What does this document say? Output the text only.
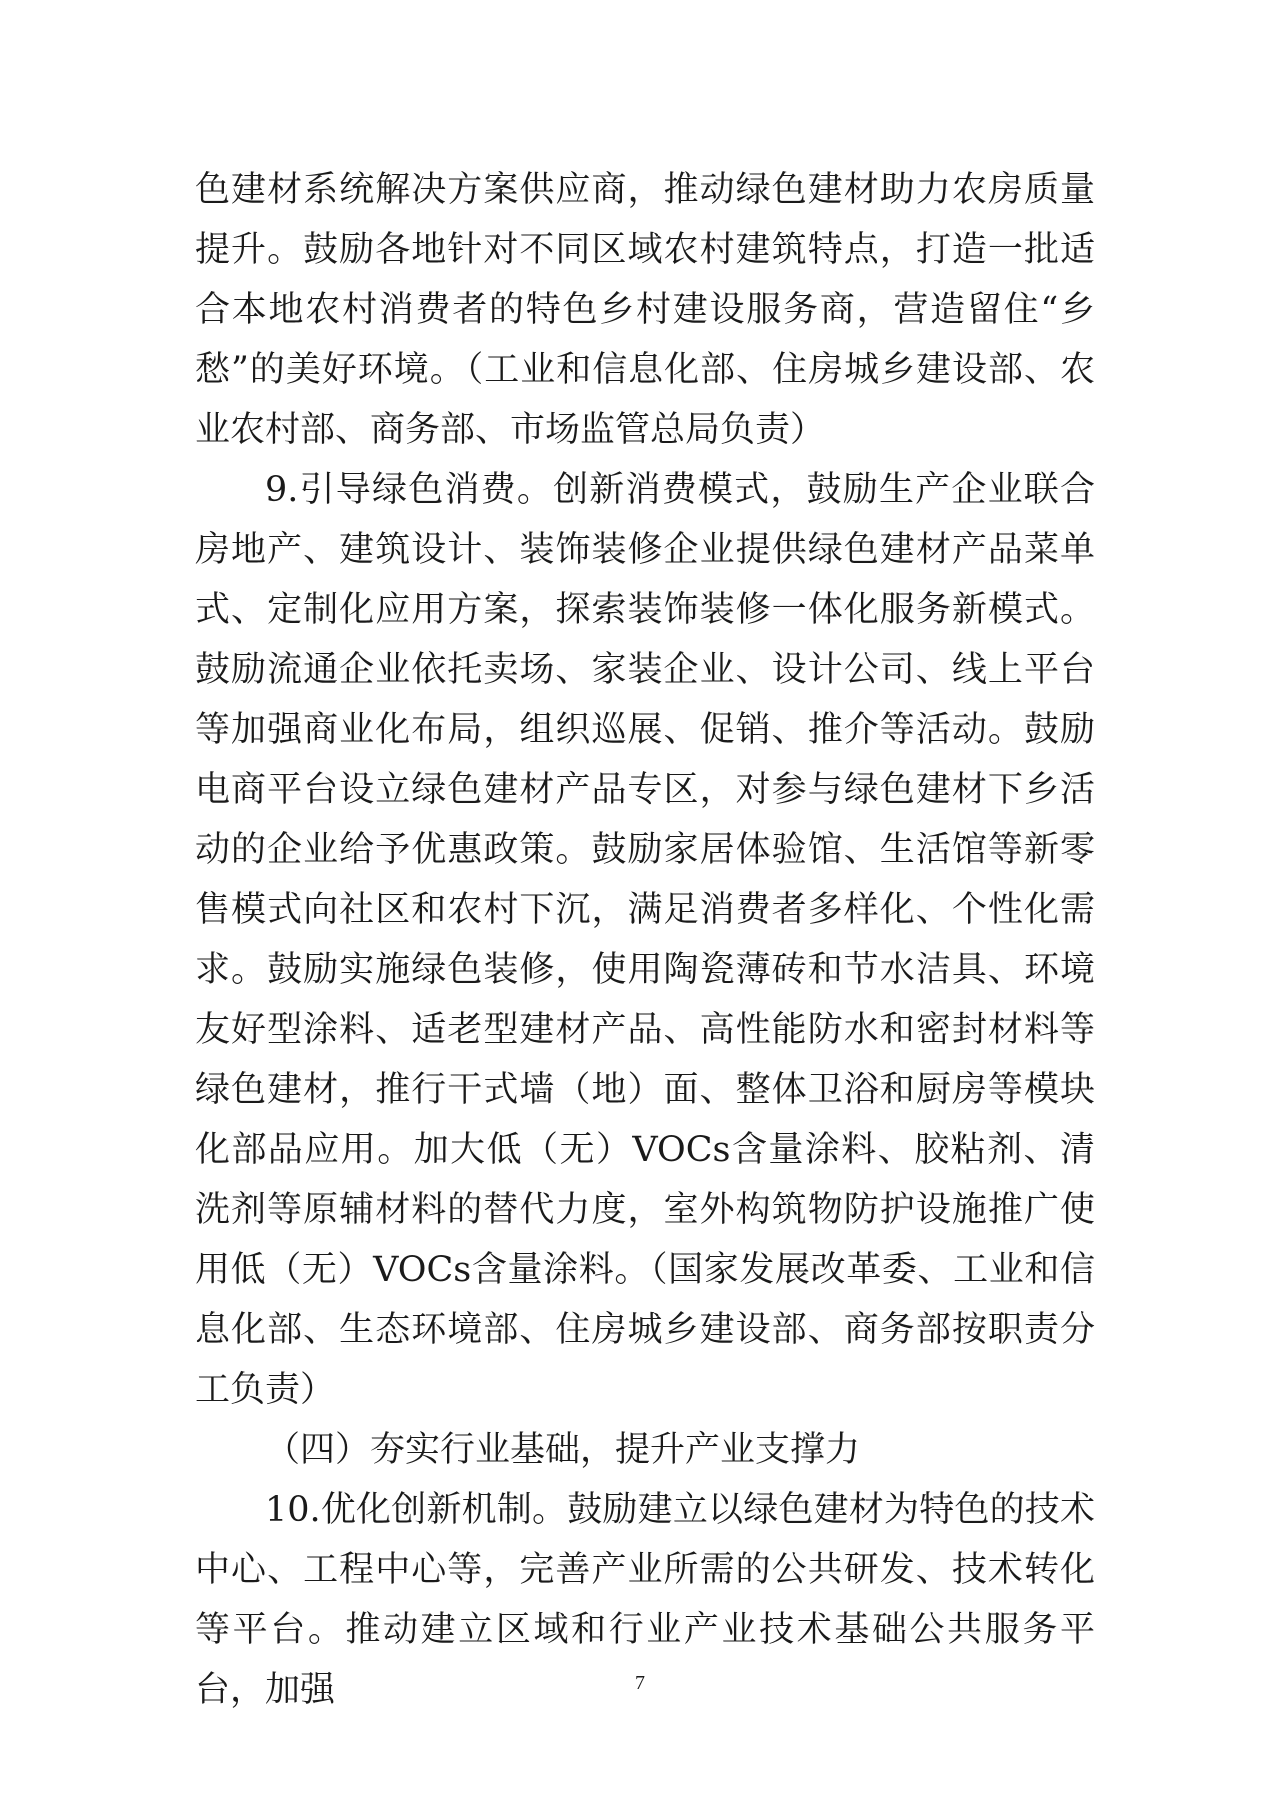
色建材系统解决方案供应商，推动绿色建材助力农房质量提升。鼓励各地针对不同区域农村建筑特点，打造一批适合本地农村消费者的特色乡村建设服务商，营造留住“乡愁”的美好环境。（工业和信息化部、住房城乡建设部、农业农村部、商务部、市场监管总局负责）

9.引导绿色消费。创新消费模式，鼓励生产企业联合房地产、建筑设计、装饰装修企业提供绿色建材产品菜单式、定制化应用方案，探索装饰装修一体化服务新模式。鼓励流通企业依托卖场、家装企业、设计公司、线上平台等加强商业化布局，组织巡展、促销、推介等活动。鼓励电商平台设立绿色建材产品专区，对参与绿色建材下乡活动的企业给予优惠政策。鼓励家居体验馆、生活馆等新零售模式向社区和农村下沉，满足消费者多样化、个性化需求。鼓励实施绿色装修，使用陶瓷薄砖和节水洁具、环境友好型涂料、适老型建材产品、高性能防水和密封材料等绿色建材，推行干式墙（地）面、整体卫浴和厨房等模块化部品应用。加大低（无）VOCs含量涂料、胶粘剂、清洗剂等原辅材料的替代力度，室外构筑物防护设施推广使用低（无）VOCs含量涂料。（国家发展改革委、工业和信息化部、生态环境部、住房城乡建设部、商务部按职责分工负责）

（四）夯实行业基础，提升产业支撑力

10.优化创新机制。鼓励建立以绿色建材为特色的技术中心、工程中心等，完善产业所需的公共研发、技术转化等平台。推动建立区域和行业产业技术基础公共服务平台，加强	7
